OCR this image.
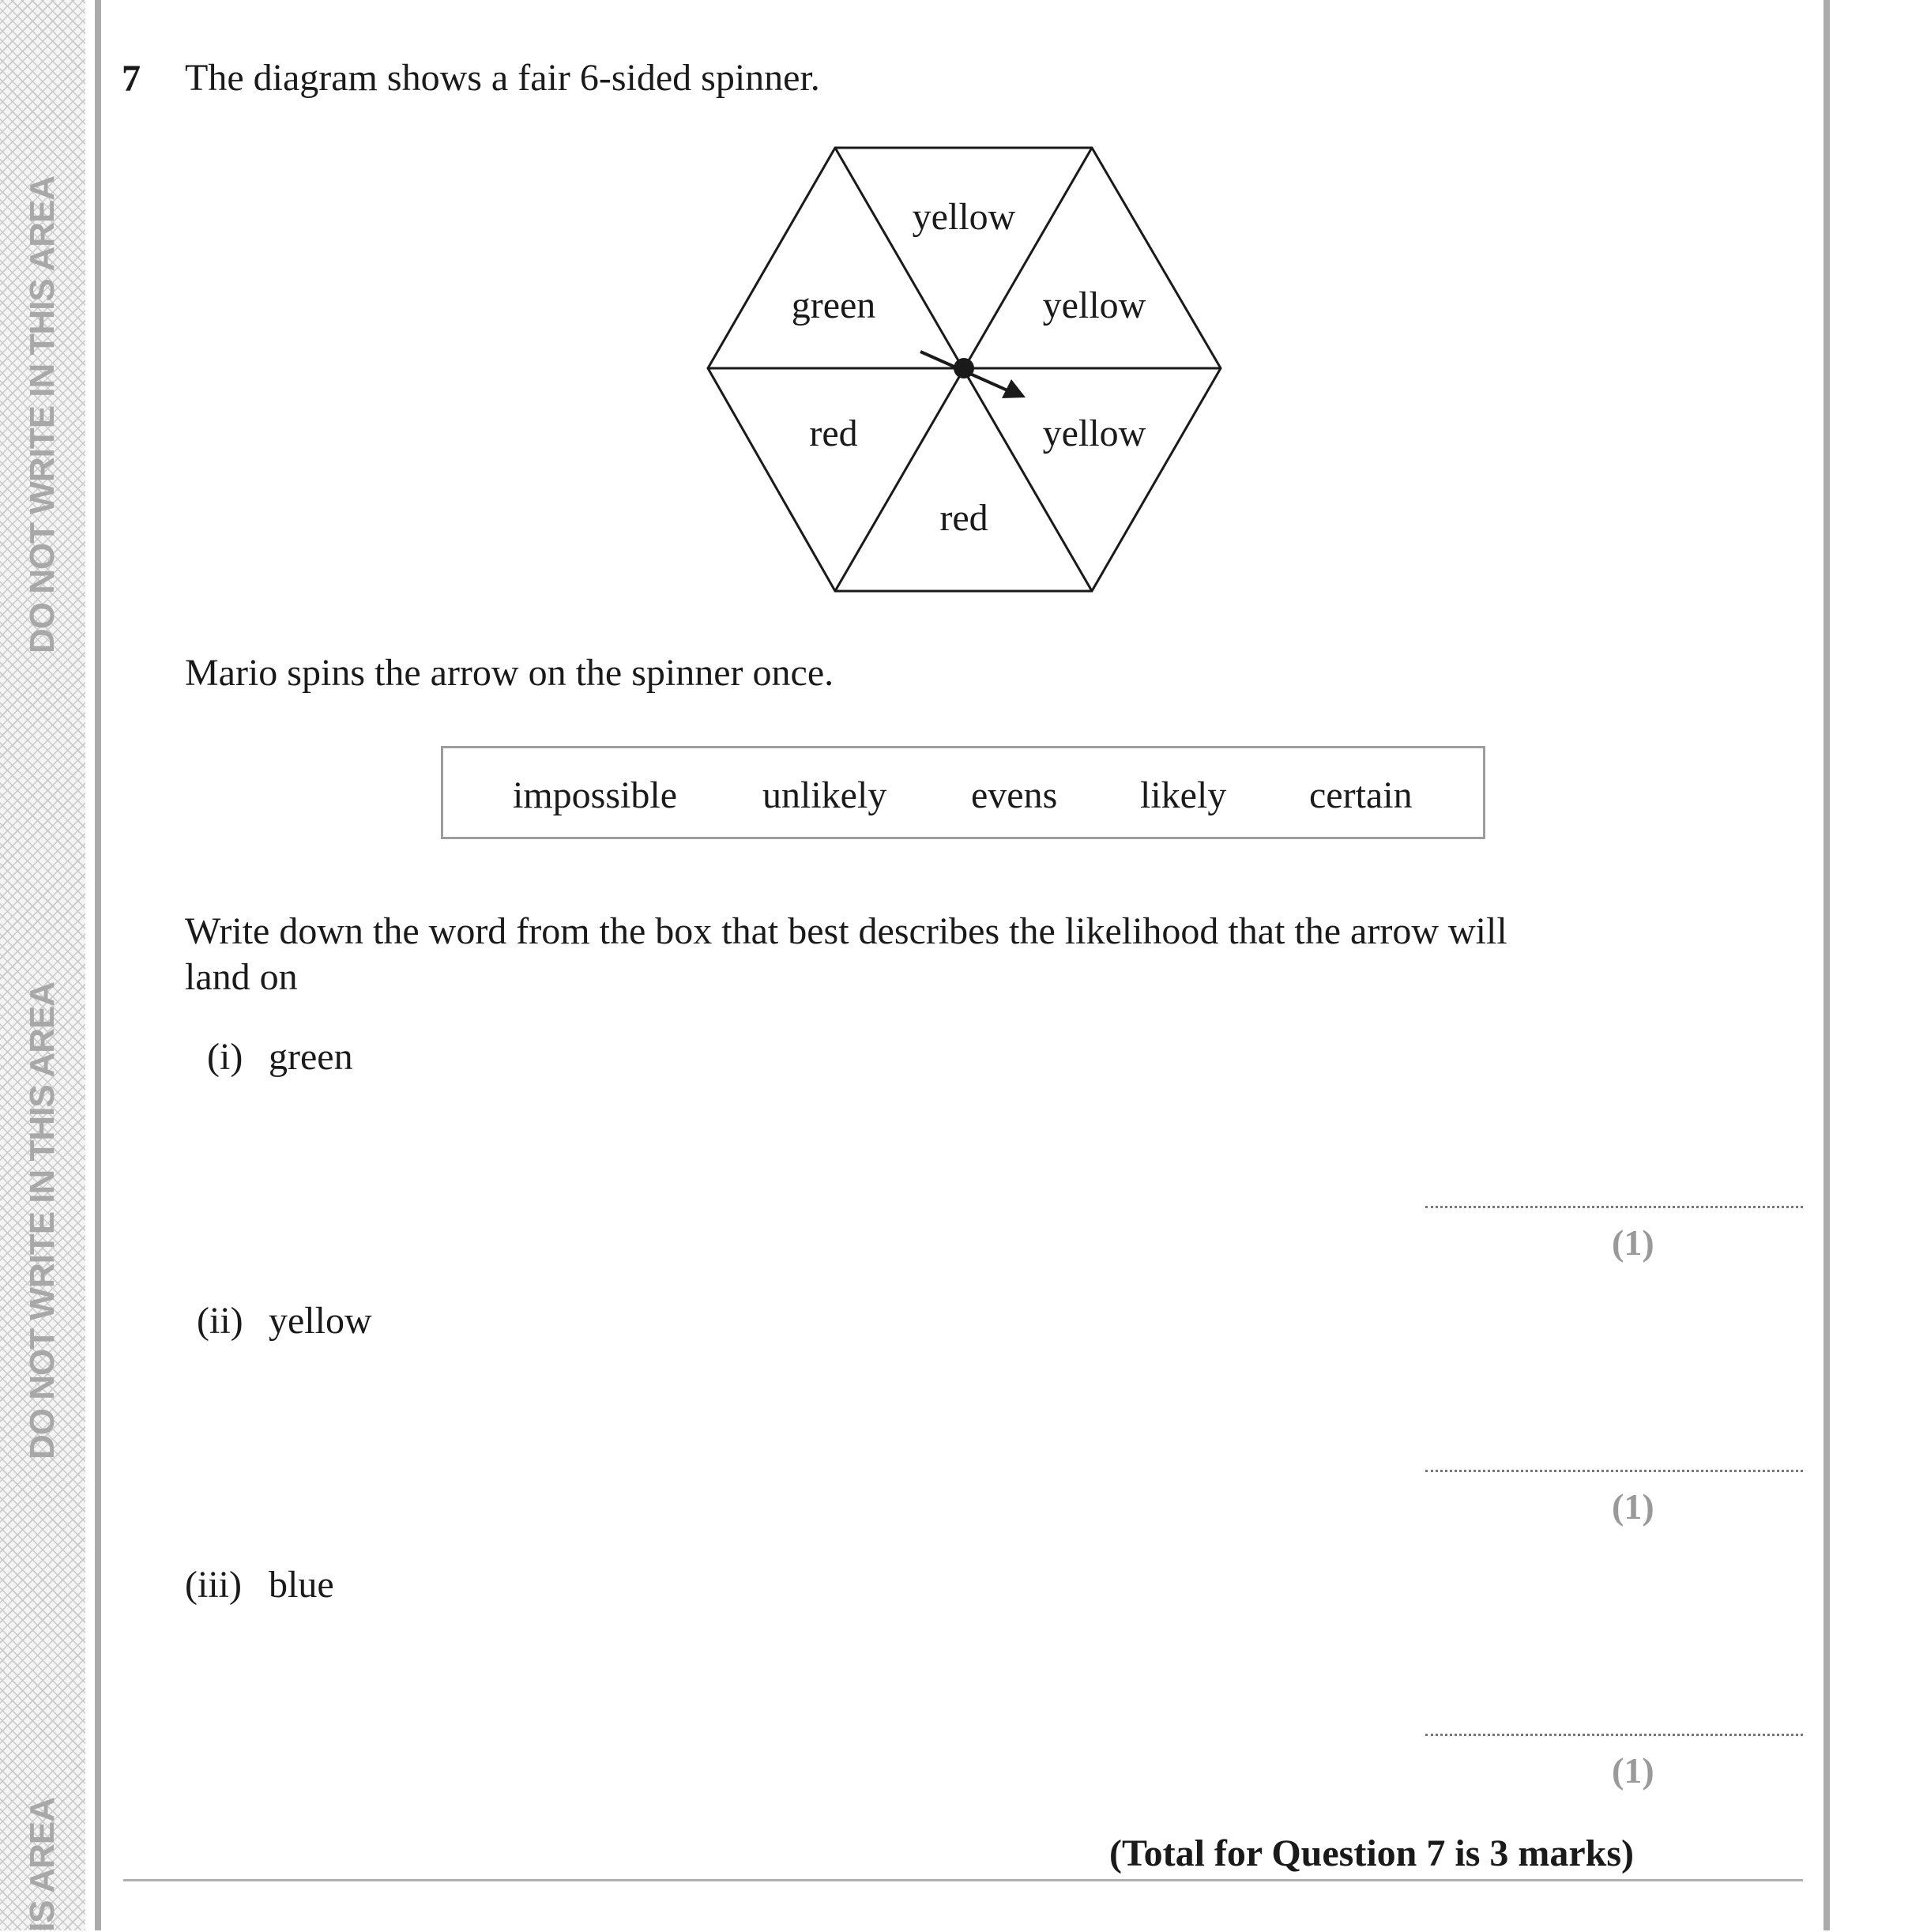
DO NOT WRITE IN THIS AREA
DO NOT WRITE IN THIS AREA
IS AREA
7 The diagram shows a fair 6-sided spinner.
yellow
yellow
yellow
red
red
green
Mario spins the arrow on the spinner once.
impossible unlikely evens likely certain
Write down the word from the box that best describes the likelihood that the arrow will
land on
(i) green
(1)
(ii) yellow
(1)
(iii) blue
(1)
(Total for Question 7 is 3 marks)
